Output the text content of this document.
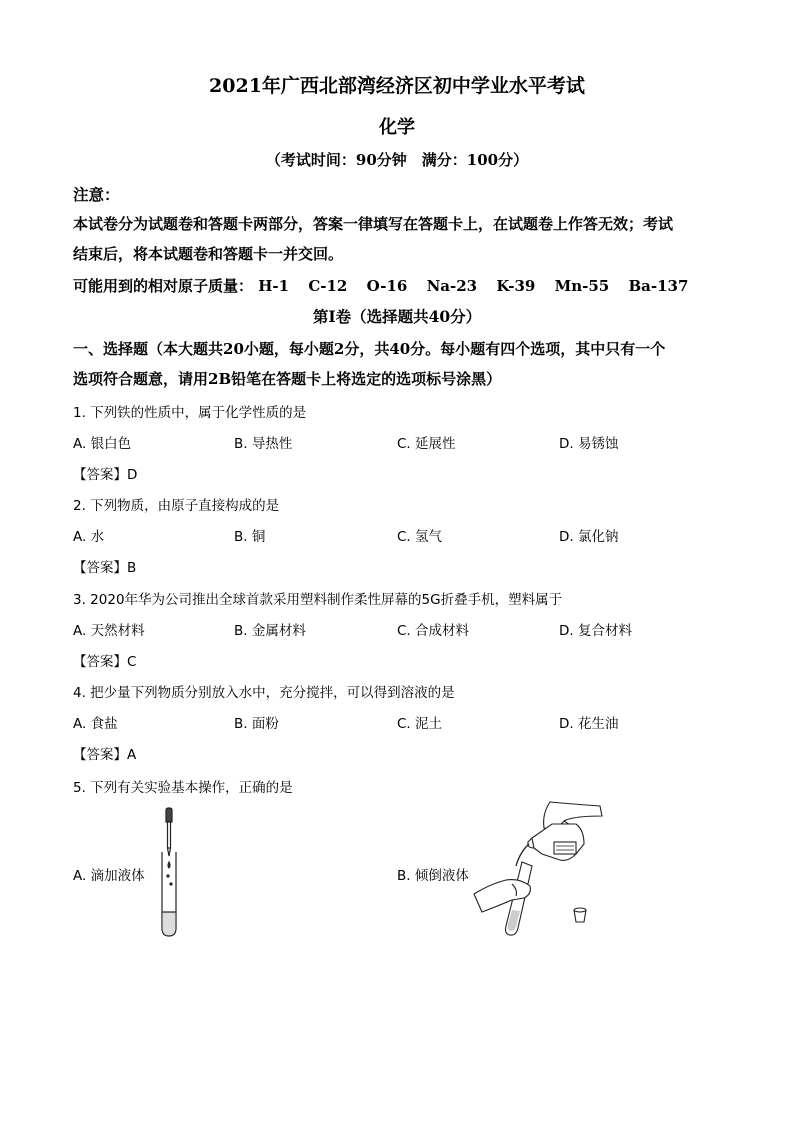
2021年广西北部湾经济区初中学业水平考试
化学
（考试时间：90分钟　满分：100分）
注意：
本试卷分为试题卷和答题卡两部分，答案一律填写在答题卡上，在试题卷上作答无效；考试
结束后，将本试题卷和答题卡一并交回。
可能用到的相对原子质量： H-1 C-12 O-16 Na-23 K-39 Mn-55 Ba-137
第I卷（选择题共40分）
一、选择题（本大题共20小题，每小题2分，共40分。每小题有四个选项，其中只有一个
选项符合题意，请用2B铅笔在答题卡上将选定的选项标号涂黑）
1. 下列铁的性质中，属于化学性质的是
A. 银白色	B. 导热性	C. 延展性	D. 易锈蚀
【答案】D
2. 下列物质，由原子直接构成的是
A. 水	B. 铜	C. 氢气	D. 氯化钠
【答案】B
3. 2020年华为公司推出全球首款采用塑料制作柔性屏幕的5G折叠手机，塑料属于
A. 天然材料	B. 金属材料	C. 合成材料	D. 复合材料
【答案】C
4. 把少量下列物质分别放入水中，充分搅拌，可以得到溶液的是
A. 食盐	B. 面粉	C. 泥土	D. 花生油
【答案】A
5. 下列有关实验基本操作，正确的是
A. 滴加液体	B. 倾倒液体
